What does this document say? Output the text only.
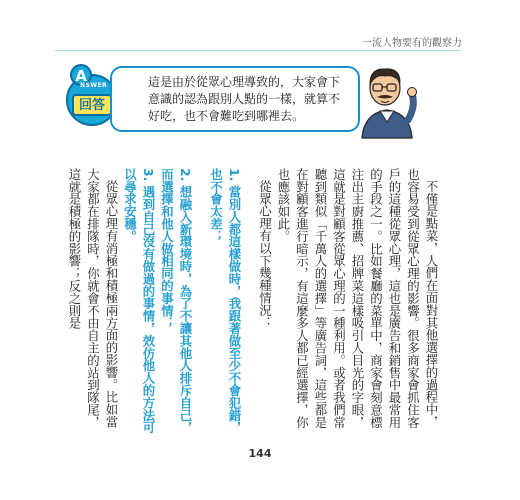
一流人物要有的觀察力
A
NSWER
回答
這是由於從眾心理導致的，大家會下意識的認為跟別人點的一樣，就算不好吃，也不會難吃到哪裡去。

不僅是點菜，人們在面對其他選擇的過程中，也容易受到從眾心理的影響。很多商家會抓住客戶的這種從眾心理，這也是廣告和銷售中最常用的手段之一。比如餐廳的菜單中，商家會刻意標注出主廚推薦、招牌菜這樣吸引人目光的字眼，這就是對顧客從眾心理的一種利用。或者我們常聽到類似「千萬人的選擇」等廣告詞，這些都是在對顧客進行暗示，有這麼多人都已經選擇，你也應該如此。

從眾心理有以下幾種情況：

1. 當別人都這樣做時，我跟著做至少不會犯錯，也不會太差；

2. 想融入新環境時，為了不讓其他人排斥自己，而選擇和他人做相同的事情；

3. 遇到自己沒有做過的事情，效仿他人的方法可以尋求安穩。

從眾心理有消極和積極兩方面的影響。比如當大家都在排隊時，你就會不由自主的站到隊尾，這就是積極的影響；反之則是

144
